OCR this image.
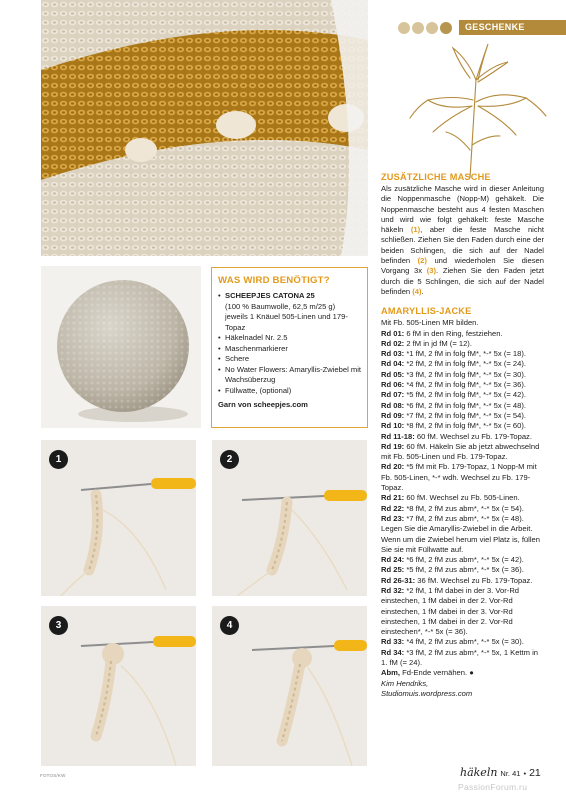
1	2
3	4
GESCHENKE
WAS WIRD BENÖTIGT?
• SCHEEPJES CATONA 25
(100 % Baumwolle, 62,5 m/25 g)
jeweils 1 Knäuel 505-Linen und 179-Topaz
• Häkelnadel Nr. 2.5
• Maschenmarkierer
• Schere
• No Water Flowers: Amaryllis-Zwiebel mit Wachsüberzug
• Füllwatte, (optional)
Garn von scheepjes.com
ZUSÄTZLICHE MASCHE

Als zusätzliche Masche wird in dieser Anleitung die Noppenmasche (Nopp-M) gehäkelt. Die Noppenmasche besteht aus 4 festen Maschen und wird wie folgt gehäkelt: feste Masche häkeln (1), aber die feste Masche nicht schließen. Ziehen Sie den Faden durch eine der beiden Schlingen, die sich auf der Nadel befinden (2) und wiederholen Sie diesen Vorgang 3x (3). Ziehen Sie den Faden jetzt durch die 5 Schlingen, die sich auf der Nadel befinden (4).

AMARYLLIS-JACKE
Mit Fb. 505-Linen MR bilden.
Rd 01: 6 fM in den Ring, festziehen.
Rd 02: 2 fM in jd fM (= 12).
Rd 03: *1 fM, 2 fM in folg fM*, *-* 5x (= 18).
Rd 04: *2 fM, 2 fM in folg fM*, *-* 5x (= 24).
Rd 05: *3 fM, 2 fM in folg fM*, *-* 5x (= 30).
Rd 06: *4 fM, 2 fM in folg fM*, *-* 5x (= 36).
Rd 07: *5 fM, 2 fM in folg fM*, *-* 5x (= 42).
Rd 08: *6 fM, 2 fM in folg fM*, *-* 5x (= 48).
Rd 09: *7 fM, 2 fM in folg fM*, *-* 5x (= 54).
Rd 10: *8 fM, 2 fM in folg fM*, *-* 5x (= 60).
Rd 11-18: 60 fM. Wechsel zu Fb. 179-Topaz.
Rd 19: 60 fM. Häkeln Sie ab jetzt abwechselnd mit Fb. 505-Linen und Fb. 179-Topaz.
Rd 20: *5 fM mit Fb. 179-Topaz, 1 Nopp-M mit Fb. 505-Linen, *-* wdh. Wechsel zu Fb. 179-Topaz.
Rd 21: 60 fM. Wechsel zu Fb. 505-Linen.
Rd 22: *8 fM, 2 fM zus abm*, *-* 5x (= 54).
Rd 23: *7 fM, 2 fM zus abm*, *-* 5x (= 48).
Legen Sie die Amaryllis-Zwiebel in die Arbeit. Wenn um die Zwiebel herum viel Platz is, füllen Sie sie mit Füllwatte auf.
Rd 24: *6 fM, 2 fM zus abm*, *-* 5x (= 42).
Rd 25: *5 fM, 2 fM zus abm*, *-* 5x (= 36).
Rd 26-31: 36 fM. Wechsel zu Fb. 179-Topaz.
Rd 32: *2 fM, 1 fM dabei in der 3. Vor-Rd einstechen, 1 fM dabei in der 2. Vor-Rd einstechen, 1 fM dabei in der 3. Vor-Rd einstechen, 1 fM dabei in der 2. Vor-Rd einstechen*, *-* 5x (= 36).
Rd 33: *4 fM, 2 fM zus abm*, *-* 5x (= 30).
Rd 34: *3 fM, 2 fM zus abm*, *-* 5x, 1 Kettm in 1. fM (= 24).
Abm, Fd-Ende vernähen. ●
Kim Hendriks,
Studiomuis.wordpress.com
FOTOS/KW	häkeln Nr. 41 • 21
PassionForum.ru
